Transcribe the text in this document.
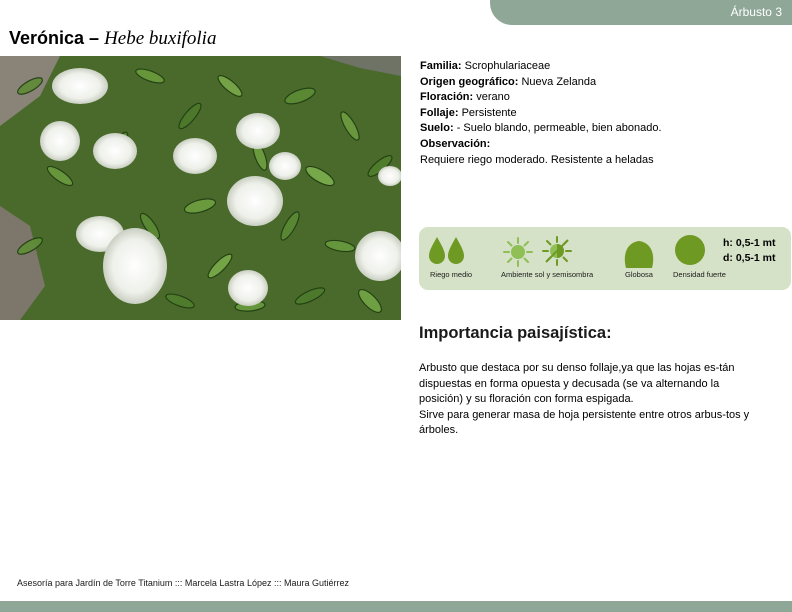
Árbusto 3
Verónica – Hebe buxifolia
Familia: Scrophulariaceae
Origen geográfico: Nueva Zelanda
Floración: verano
Follaje: Persistente
Suelo: - Suelo blando, permeable, bien abonado.
Observación:
Requiere riego moderado. Resistente a heladas
Riego medio	Ambiente sol y semisombra	Globosa	Densidad fuerte
h: 0,5-1 mt
d: 0,5-1 mt
Importancia paisajística:

Arbusto que destaca por su denso follaje,ya que las hojas es-tán dispuestas en forma opuesta y decusada (se va alternando la posición) y su floración con forma espigada.

Sirve para generar masa de hoja persistente entre otros arbus-tos y árboles.

Asesoría para Jardín de Torre Titanium ::: Marcela Lastra López ::: Maura Gutiérrez
